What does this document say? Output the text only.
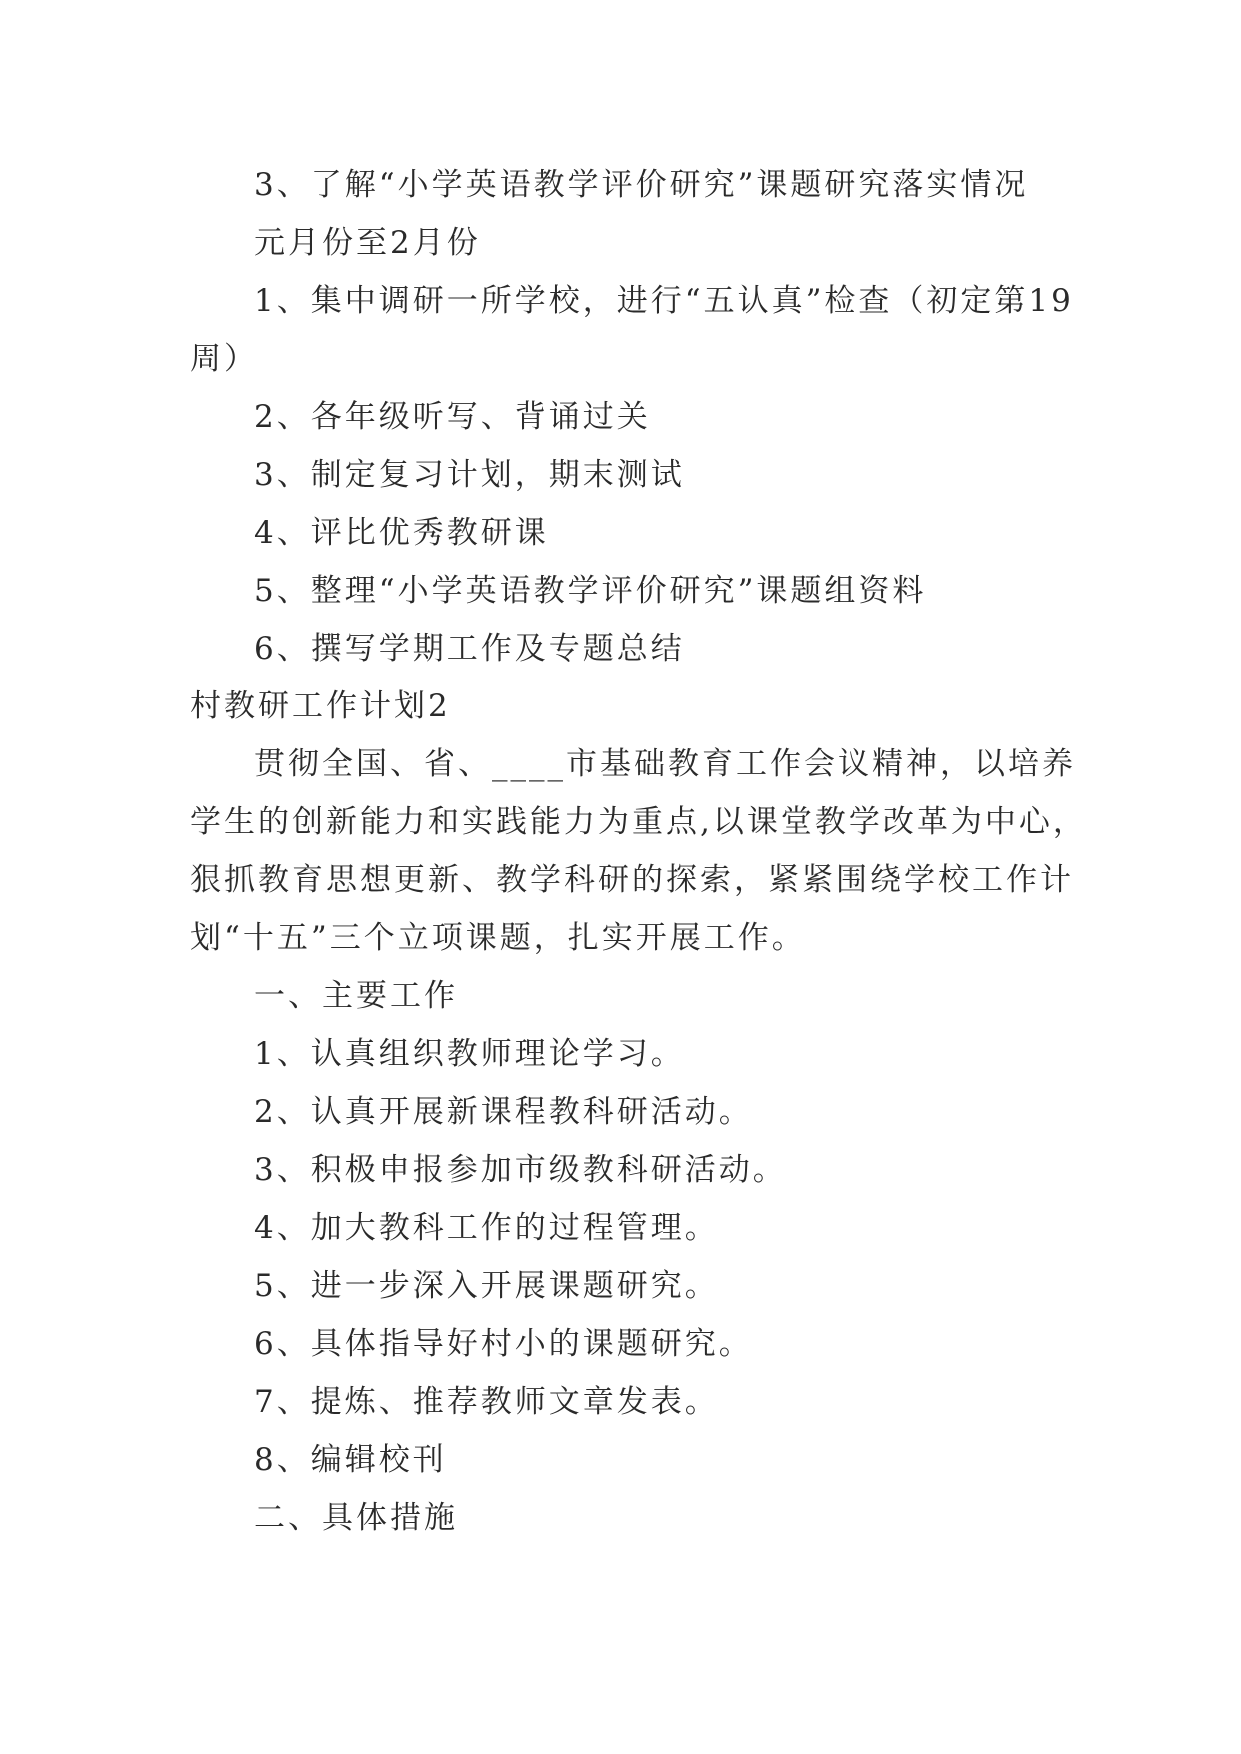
3、了解“小学英语教学评价研究”课题研究落实情况
元月份至2月份
1、集中调研一所学校，进行“五认真”检查（初定第19
周）
2、各年级听写、背诵过关
3、制定复习计划，期末测试
4、评比优秀教研课
5、整理“小学英语教学评价研究”课题组资料
6、撰写学期工作及专题总结
村教研工作计划2
贯彻全国、省、____市基础教育工作会议精神，以培养
学生的创新能力和实践能力为重点,以课堂教学改革为中心，
狠抓教育思想更新、教学科研的探索，紧紧围绕学校工作计
划“十五”三个立项课题，扎实开展工作。
一、主要工作
1、认真组织教师理论学习。
2、认真开展新课程教科研活动。
3、积极申报参加市级教科研活动。
4、加大教科工作的过程管理。
5、进一步深入开展课题研究。
6、具体指导好村小的课题研究。
7、提炼、推荐教师文章发表。
8、编辑校刊
二、具体措施
